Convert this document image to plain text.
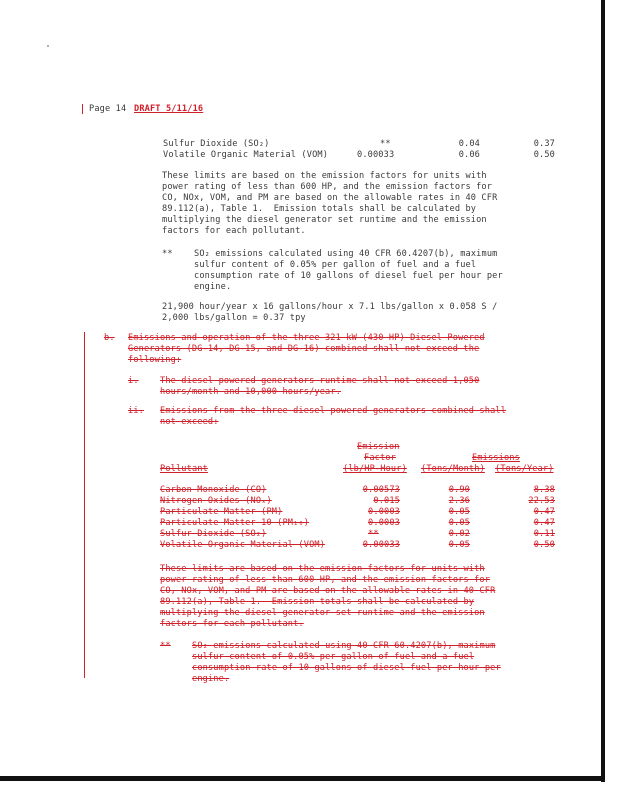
Page 14 DRAFT 5/11/16
Sulfur Dioxide (SO₂)	**	0.04	0.37
Volatile Organic Material (VOM)	0.00033	0.06	0.50
These limits are based on the emission factors for units with
power rating of less than 600 HP, and the emission factors for
CO, NOx, VOM, and PM are based on the allowable rates in 40 CFR
89.112(a), Table 1.  Emission totals shall be calculated by
multiplying the diesel generator set runtime and the emission
factors for each pollutant.
** SO₂ emissions calculated using 40 CFR 60.4207(b), maximum
sulfur content of 0.05% per gallon of fuel and a fuel
consumption rate of 10 gallons of diesel fuel per hour per
engine.
21,900 hour/year x 16 gallons/hour x 7.1 lbs/gallon x 0.058 S /
2,000 lbs/gallon = 0.37 tpy
b. Emissions and operation of the three 321 kW (430 HP) Diesel Powered
Generators (DG-14, DG-15, and DG-16) combined shall not exceed the
following:
i. The diesel powered generators runtime shall not exceed 1,050
hours/month and 10,000 hours/year.
ii. Emissions from the three diesel powered generators combined shall
not exceed:
Emission
Factor	Emissions
Pollutant	(lb/HP-Hour) (Tons/Month) (Tons/Year)
Carbon Monoxide (CO)	0.00573	0.90	8.38
Nitrogen Oxides (NOₓ)	0.015	2.36	22.53
Particulate Matter (PM)	0.0003	0.05	0.47
Particulate Matter 10 (PM₁₀)	0.0003	0.05	0.47
Sulfur Dioxide (SO₂)	**	0.02	0.11
Volatile Organic Material (VOM)	0.00033	0.05	0.50
These limits are based on the emission factors for units with
power rating of less than 600 HP, and the emission factors for
CO, NOx, VOM, and PM are based on the allowable rates in 40 CFR
89.112(a), Table 1.  Emission totals shall be calculated by
multiplying the diesel generator set runtime and the emission
factors for each pollutant.
** SO₂ emissions calculated using 40 CFR 60.4207(b), maximum
sulfur content of 0.05% per gallon of fuel and a fuel
consumption rate of 10 gallons of diesel fuel per hour per
engine.
